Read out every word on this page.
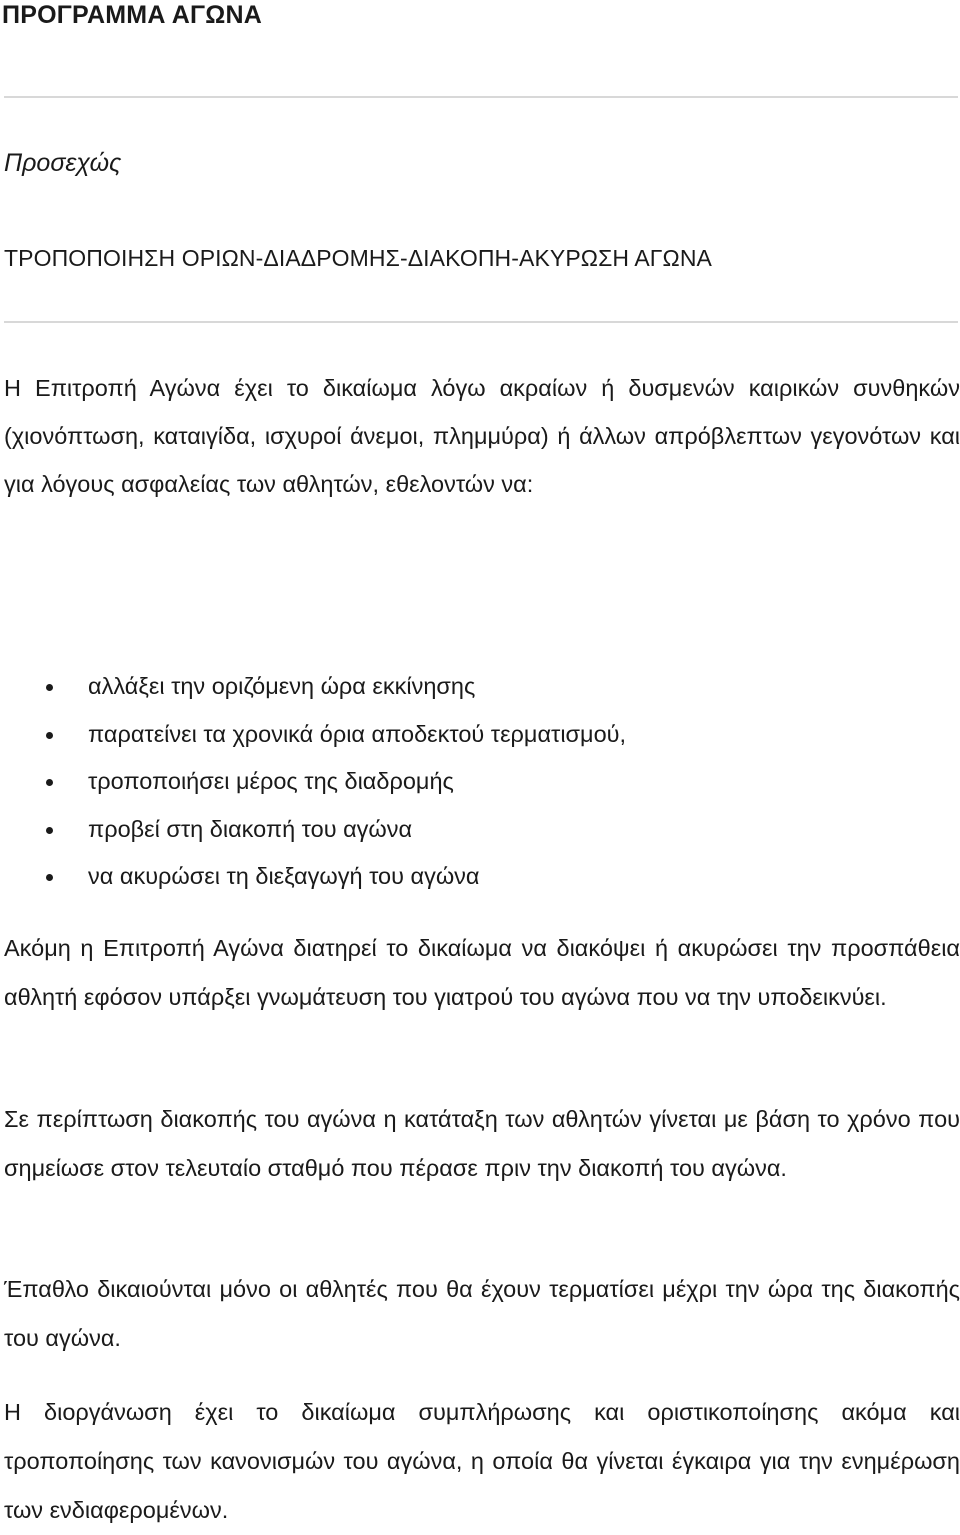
ΠΡΟΓΡΑΜΜΑ ΑΓΩΝΑ
Προσεχώς
ΤΡΟΠΟΠΟΙΗΣΗ ΟΡΙΩΝ-ΔΙΑΔΡΟΜΗΣ-ΔΙΑΚΟΠΗ-ΑΚΥΡΩΣΗ ΑΓΩΝΑ

Η Επιτροπή Αγώνα έχει το δικαίωμα λόγω ακραίων ή δυσμενών καιρικών συνθηκών (χιονόπτωση, καταιγίδα, ισχυροί άνεμοι, πλημμύρα) ή άλλων απρόβλεπτων γεγονότων και για λόγους ασφαλείας των αθλητών, εθελοντών να:

αλλάξει την οριζόμενη ώρα εκκίνησης
παρατείνει τα χρονικά όρια αποδεκτού τερματισμού,
τροποποιήσει μέρος της διαδρομής
προβεί στη διακοπή του αγώνα
να ακυρώσει τη διεξαγωγή του αγώνα

Ακόμη η Επιτροπή Αγώνα διατηρεί το δικαίωμα να διακόψει ή ακυρώσει την προσπάθεια αθλητή εφόσον υπάρξει γνωμάτευση του γιατρού του αγώνα που να την υποδεικνύει.

Σε περίπτωση διακοπής του αγώνα η κατάταξη των αθλητών γίνεται με βάση το χρόνο που σημείωσε στον τελευταίο σταθμό που πέρασε πριν την διακοπή του αγώνα.

Έπαθλο δικαιούνται μόνο οι αθλητές που θα έχουν τερματίσει μέχρι την ώρα της διακοπής του αγώνα.

Η διοργάνωση έχει το δικαίωμα συμπλήρωσης και οριστικοποίησης ακόμα και τροποποίησης των κανονισμών του αγώνα, η οποία θα γίνεται έγκαιρα για την ενημέρωση των ενδιαφερομένων.
